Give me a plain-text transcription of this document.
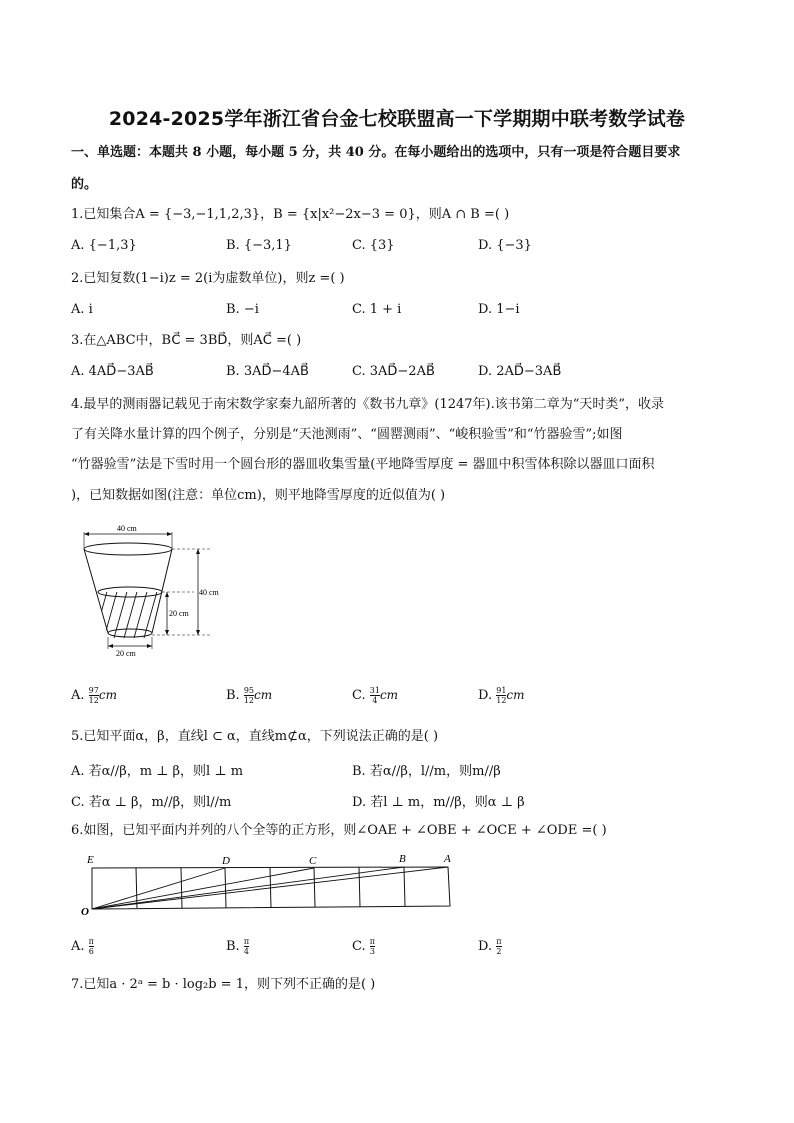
2024-2025学年浙江省台金七校联盟高一下学期期中联考数学试卷
一、单选题：本题共 8 小题，每小题 5 分，共 40 分。在每小题给出的选项中，只有一项是符合题目要求
的。
1.已知集合A = {−3,−1,1,2,3}，B = {x|x²−2x−3 = 0}，则A ∩ B =( )
A. {−1,3}	B. {−3,1}	C. {3}	D. {−3}
2.已知复数(1−i)z = 2(i为虚数单位)，则z =( )
A. i	B. −i	C. 1 + i	D. 1−i
3.在△ABC中，BC⃗ = 3BD⃗，则AC⃗ =( )
A. 4AD⃗−3AB⃗	B. 3AD⃗−4AB⃗	C. 3AD⃗−2AB⃗	D. 2AD⃗−3AB⃗
4.最早的测雨器记载见于南宋数学家秦九韶所著的《数书九章》(1247年).该书第二章为“天时类”，收录
了有关降水量计算的四个例子，分别是“天池测雨”、“圆罂测雨”、“峻积验雪”和“竹器验雪”;如图
“竹器验雪”法是下雪时用一个圆台形的器皿收集雪量(平地降雪厚度 = 器皿中积雪体积除以器皿口面积
)，已知数据如图(注意：单位cm)，则平地降雪厚度的近似值为( )
40 cm
40 cm
20 cm
20 cm
A. $\frac{97}{12}$ cm	B. $\frac{95}{12}$ cm	C. $\frac{31}{4}$ cm	D. $\frac{91}{12}$ cm
5.已知平面α，β，直线l ⊂ α，直线m⊄α，下列说法正确的是( )
A. 若α//β，m ⊥ β，则l ⊥ m	B. 若α//β，l//m，则m//β
C. 若α ⊥ β，m//β，则l//m	D. 若l ⊥ m，m//β，则α ⊥ β
6.如图，已知平面内并列的八个全等的正方形，则∠OAE + ∠OBE + ∠OCE + ∠ODE =( )
O
E	D	C	B	A
A. $\frac{\pi}{6}$	B. $\frac{\pi}{4}$	C. $\frac{\pi}{3}$	D. $\frac{\pi}{2}$
7.已知a · 2ᵃ = b · log₂b = 1，则下列不正确的是( )
